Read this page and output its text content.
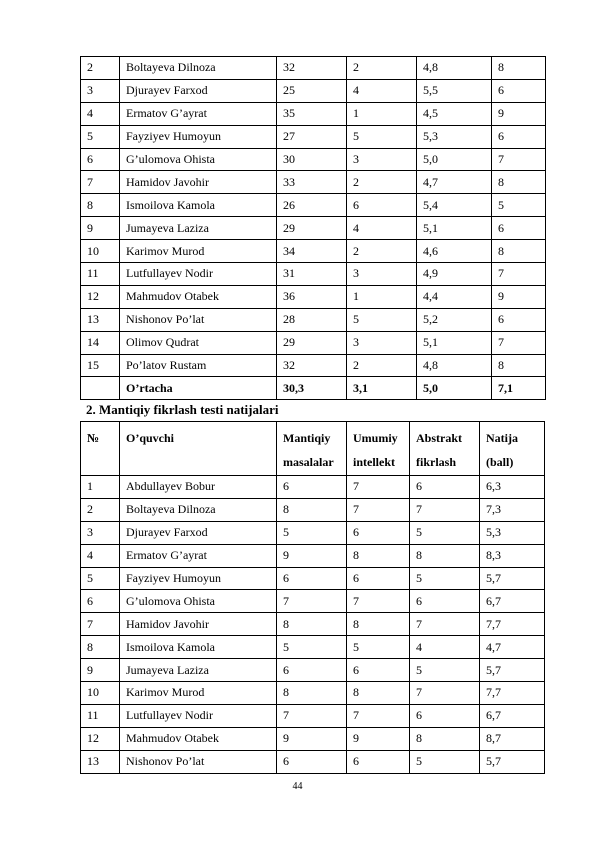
2	Boltayeva Dilnoza	32	2	4,8	8
3	Djurayev Farxod	25	4	5,5	6
4	Ermatov G’ayrat	35	1	4,5	9
5	Fayziyev Humoyun	27	5	5,3	6
6	G’ulomova Ohista	30	3	5,0	7
7	Hamidov Javohir	33	2	4,7	8
8	Ismoilova Kamola	26	6	5,4	5
9	Jumayeva Laziza	29	4	5,1	6
10	Karimov Murod	34	2	4,6	8
11	Lutfullayev Nodir	31	3	4,9	7
12	Mahmudov Otabek	36	1	4,4	9
13	Nishonov Po’lat	28	5	5,2	6
14	Olimov Qudrat	29	3	5,1	7
15	Po’latov Rustam	32	2	4,8	8
	O’rtacha	30,3	3,1	5,0	7,1
2. Mantiqiy fikrlash testi natijalari
№	O’quvchi	Mantiqiy masalalar	Umumiy intellekt	Abstrakt fikrlash	Natija (ball)
1	Abdullayev Bobur	6	7	6	6,3
2	Boltayeva Dilnoza	8	7	7	7,3
3	Djurayev Farxod	5	6	5	5,3
4	Ermatov G’ayrat	9	8	8	8,3
5	Fayziyev Humoyun	6	6	5	5,7
6	G’ulomova Ohista	7	7	6	6,7
7	Hamidov Javohir	8	8	7	7,7
8	Ismoilova Kamola	5	5	4	4,7
9	Jumayeva Laziza	6	6	5	5,7
10	Karimov Murod	8	8	7	7,7
11	Lutfullayev Nodir	7	7	6	6,7
12	Mahmudov Otabek	9	9	8	8,7
13	Nishonov Po’lat	6	6	5	5,7
44
